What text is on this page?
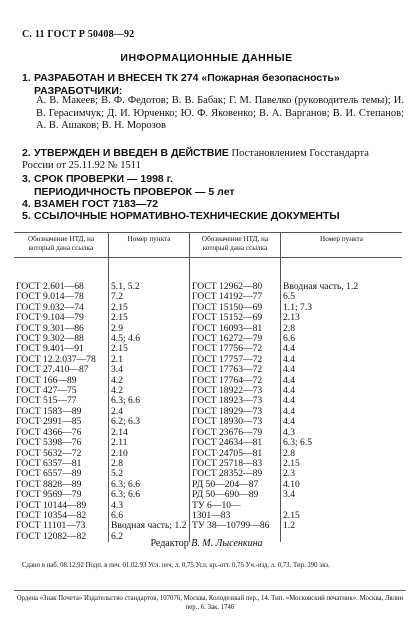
С. 11 ГОСТ Р 50408—92
ИНФОРМАЦИОННЫЕ ДАННЫЕ
1. РАЗРАБОТАН И ВНЕСЕН ТК 274 «Пожарная безопасность»
РАЗРАБОТЧИКИ:
А. В. Макеев; В. Ф. Федотов; В. В. Бабак; Г. М. Павелко (руководитель темы); И. В. Герасимчук; Д. И. Юрченко; Ю. Ф. Яковенко; В. А. Варганов; В. И. Степанов; А. В. Ашаков; В. Н. Морозов
2. УТВЕРЖДЕН И ВВЕДЕН В ДЕЙСТВИЕ Постановлением Госстандарта России от 25.11.92 № 1511
3. СРОК ПРОВЕРКИ — 1998 г.
ПЕРИОДИЧНОСТЬ ПРОВЕРОК — 5 лет
4. ВЗАМЕН ГОСТ 7183—72
5. ССЫЛОЧНЫЕ НОРМАТИВНО-ТЕХНИЧЕСКИЕ ДОКУМЕНТЫ
Обозначение НТД, на который дана ссылка	Номер пункта	Обозначение НТД, на который дана ссылка	Номер пункта

ГОСТ 2.601—68	5.1, 5.2	ГОСТ 12962—80	Вводная часть, 1.2
ГОСТ 9.014—78	7.2	ГОСТ 14192—77	6.5
ГОСТ 9.032—74	2.15	ГОСТ 15150—69	1.1; 7.3
ГОСТ 9.104—79	2.15	ГОСТ 15152—69	2.13
ГОСТ 9.301—86	2.9	ГОСТ 16093—81	2.8
ГОСТ 9.302—88	4.5; 4.6	ГОСТ 16272—79	6.6
ГОСТ 9.401—91	2.15	ГОСТ 17756—72	4.4
ГОСТ 12.2.037—78	2.1	ГОСТ 17757—72	4.4
ГОСТ 27.410—87	3.4	ГОСТ 17763—72	4.4
ГОСТ 166—89	4.2	ГОСТ 17764—72	4.4
ГОСТ 427—75	4.2	ГОСТ 18922—73	4.4
ГОСТ 515—77	6.3; 6.6	ГОСТ 18923—73	4.4
ГОСТ 1583—89	2.4	ГОСТ 18929—73	4.4
ГОСТ 2991—85	6.2; 6.3	ГОСТ 18930—73	4.4
ГОСТ 4366—76	2.14	ГОСТ 23676—79	4.3
ГОСТ 5398—76	2.11	ГОСТ 24634—81	6.3; 6.5
ГОСТ 5632—72	2.10	ГОСТ 24705—81	2.8
ГОСТ 6357—81	2.8	ГОСТ 25718—83	2.15
ГОСТ 6557—89	5.2	ГОСТ 28352—89	2.3
ГОСТ 8828—89	6.3; 6.6	РД 50—204—87	4.10
ГОСТ 9569—79	6.3; 6.6	РД 50—690—89	3.4
ГОСТ 10144—89	4.3	ТУ 6—10—	
ГОСТ 10354—82	6.6	1301—83	2.15
ГОСТ 11101—73	Вводная часть; 1.2	ТУ 38—10799—86	1.2
ГОСТ 12082—82	6.2		
Редактор В. М. Лысенкина
Сдано в наб. 08.12.92 Подп. в печ. 01.02.93 Усл. печ. л. 0,75 Усл. кр.-отт. 0,75 Уч.-изд. л. 0,73. Тир. 390 экз.
Ордена «Знак Почета» Издательство стандартов, 107076, Москва, Колодезный пер., 14. Тип. «Московский печатник». Москва, Лялин пер., 6. Зак. 1746
